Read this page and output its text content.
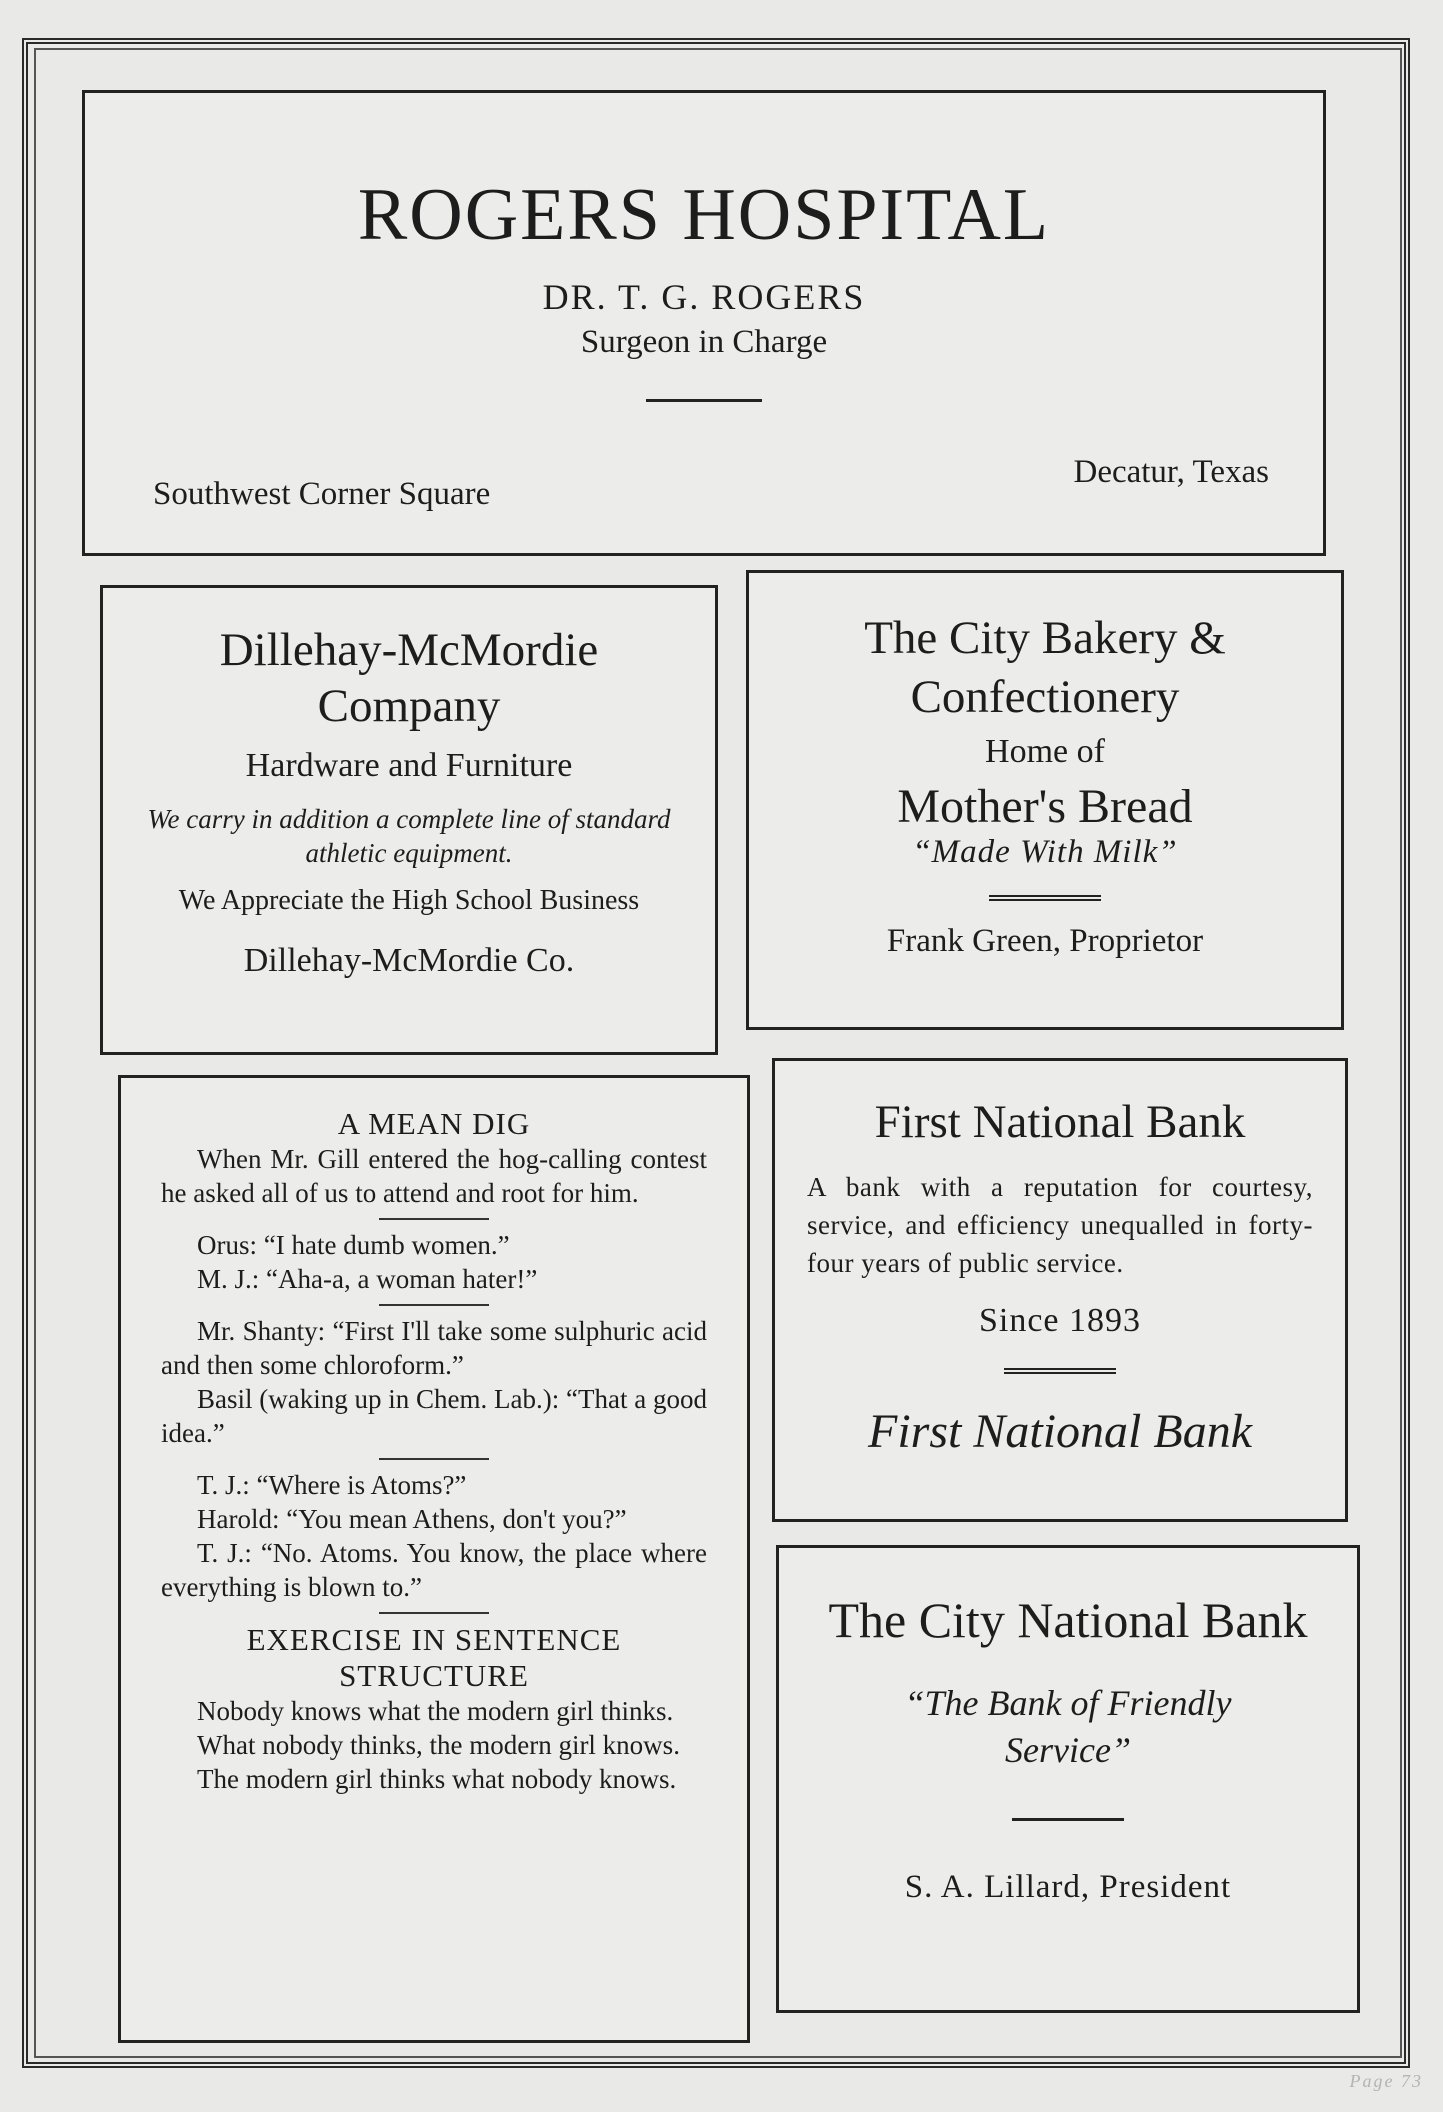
ROGERS HOSPITAL
DR. T. G. ROGERS
Surgeon in Charge
Southwest Corner Square
Decatur, Texas
Dillehay-McMordie Company
Hardware and Furniture
We carry in addition a complete line of standard athletic equipment.
We Appreciate the High School Business
Dillehay-McMordie Co.
The City Bakery & Confectionery
Home of
Mother's Bread
“Made With Milk”
Frank Green, Proprietor
A MEAN DIG

When Mr. Gill entered the hog-calling contest he asked all of us to attend and root for him.

Orus: “I hate dumb women.”

M. J.: “Aha-a, a woman hater!”

Mr. Shanty: “First I'll take some sulphuric acid and then some chloroform.”

Basil (waking up in Chem. Lab.): “That a good idea.”

T. J.: “Where is Atoms?”

Harold: “You mean Athens, don't you?”

T. J.: “No. Atoms. You know, the place where everything is blown to.”

EXERCISE IN SENTENCE STRUCTURE

Nobody knows what the modern girl thinks.

What nobody thinks, the modern girl knows.

The modern girl thinks what nobody knows.

First National Bank
A bank with a reputation for courtesy, service, and efficiency unequalled in forty-four years of public service.
Since 1893
First National Bank
The City National Bank
“The Bank of Friendly Service”
S. A. Lillard, President
Page 73
